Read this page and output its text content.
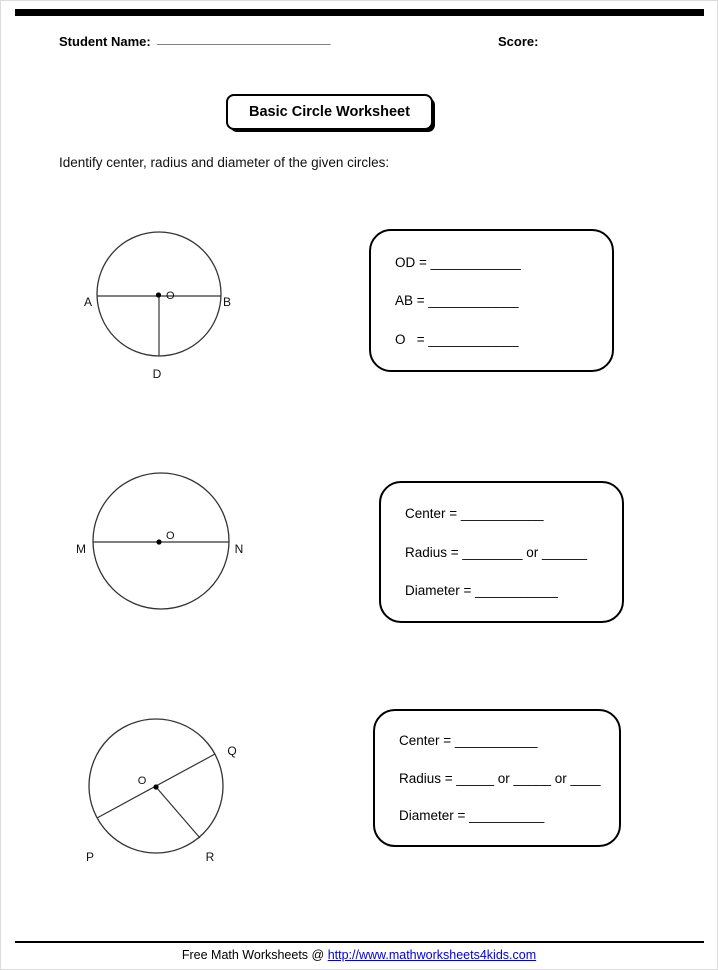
Student Name: ________________________	Score:
Basic Circle Worksheet
Identify center, radius and diameter of the given circles:
O
A	B
D
OD = ____________
AB = ____________
O   = ____________
O
M	N
Center = ___________
Radius = ________ or ______
Diameter = ___________
O
Q
P	R
Center = ___________
Radius = _____ or _____ or ____
Diameter = __________
Free Math Worksheets @ http://www.mathworksheets4kids.com
